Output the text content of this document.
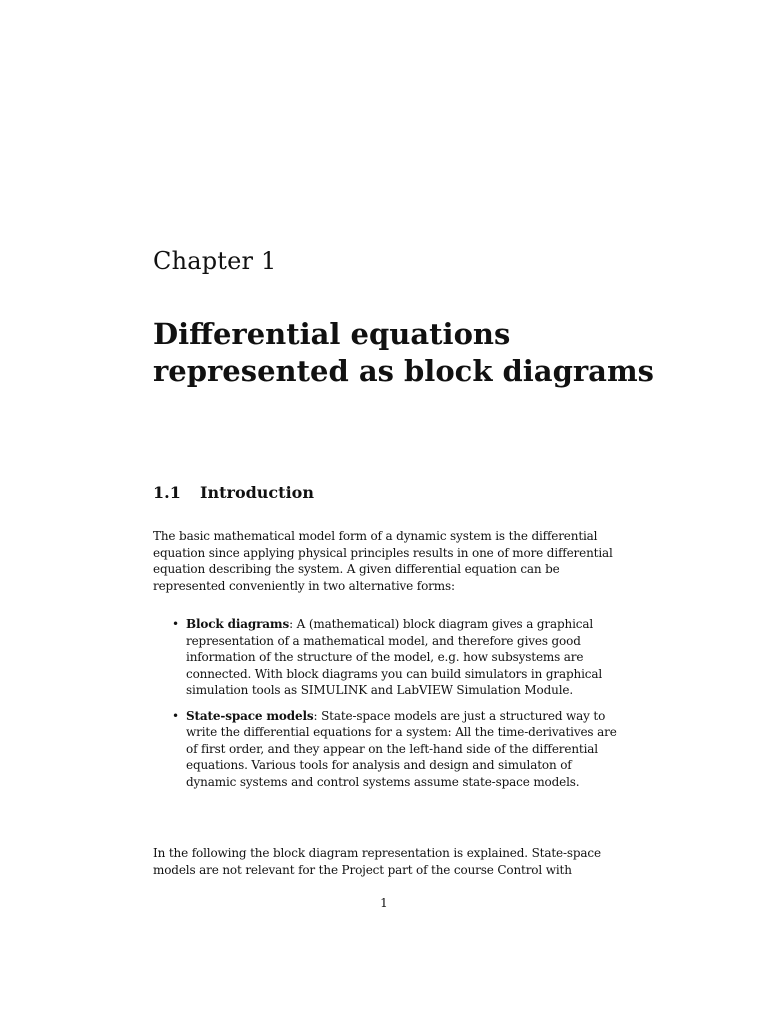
Chapter 1
Differential equations represented as block diagrams
1.1 Introduction

The basic mathematical model form of a dynamic system is the differential equation since applying physical principles results in one of more differential equation describing the system. A given differential equation can be represented conveniently in two alternative forms:

• Block diagrams: A (mathematical) block diagram gives a graphical representation of a mathematical model, and therefore gives good information of the structure of the model, e.g. how subsystems are connected. With block diagrams you can build simulators in graphical simulation tools as SIMULINK and LabVIEW Simulation Module.
• State-space models: State-space models are just a structured way to write the differential equations for a system: All the time-derivatives are of first order, and they appear on the left-hand side of the differential equations. Various tools for analysis and design and simulaton of dynamic systems and control systems assume state-space models.

In the following the block diagram representation is explained. State-space models are not relevant for the Project part of the course Control with

1
